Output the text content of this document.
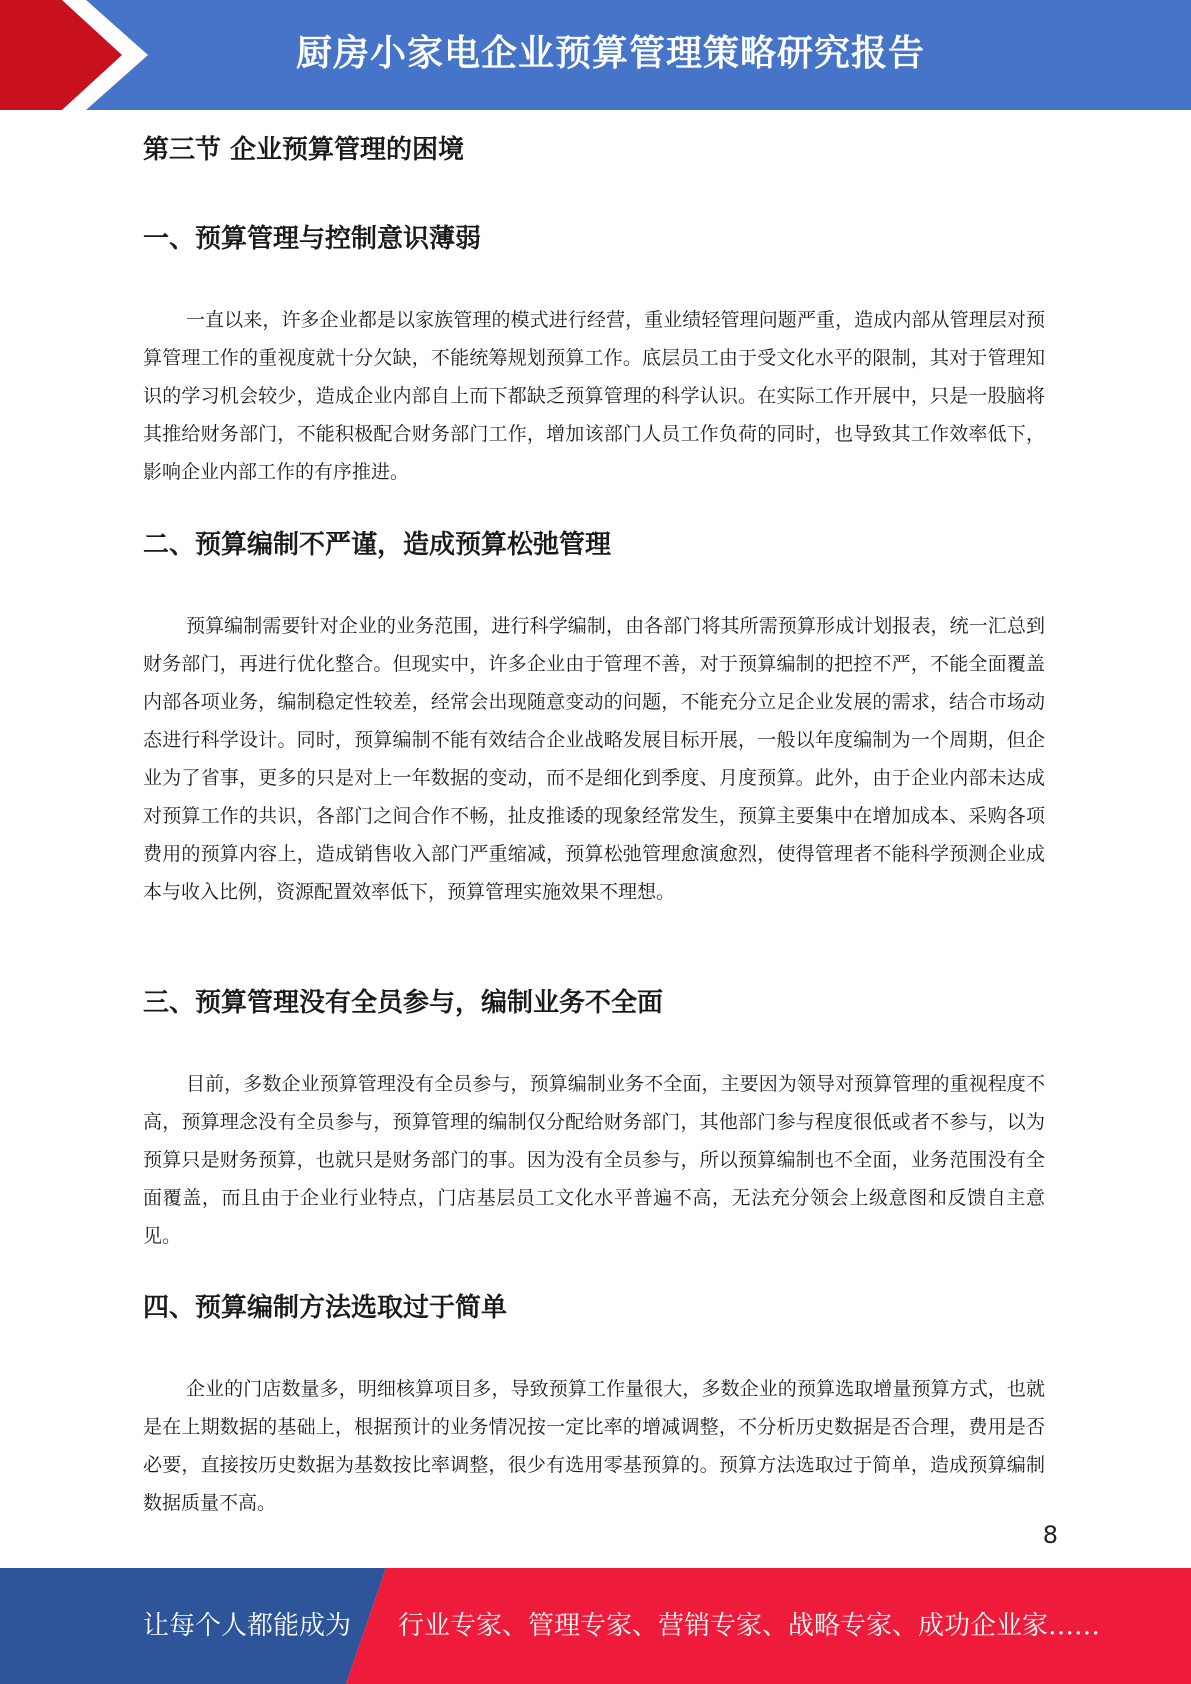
厨房小家电企业预算管理策略研究报告
第三节 企业预算管理的困境
一、预算管理与控制意识薄弱
一直以来，许多企业都是以家族管理的模式进行经营，重业绩轻管理问题严重，造成内部从管理层对预算管理工作的重视度就十分欠缺，不能统筹规划预算工作。底层员工由于受文化水平的限制，其对于管理知识的学习机会较少，造成企业内部自上而下都缺乏预算管理的科学认识。在实际工作开展中，只是一股脑将其推给财务部门，不能积极配合财务部门工作，增加该部门人员工作负荷的同时，也导致其工作效率低下，影响企业内部工作的有序推进。
二、预算编制不严谨，造成预算松弛管理
预算编制需要针对企业的业务范围，进行科学编制，由各部门将其所需预算形成计划报表，统一汇总到财务部门，再进行优化整合。但现实中，许多企业由于管理不善，对于预算编制的把控不严，不能全面覆盖内部各项业务，编制稳定性较差，经常会出现随意变动的问题，不能充分立足企业发展的需求，结合市场动态进行科学设计。同时，预算编制不能有效结合企业战略发展目标开展，一般以年度编制为一个周期，但企业为了省事，更多的只是对上一年数据的变动，而不是细化到季度、月度预算。此外，由于企业内部未达成对预算工作的共识，各部门之间合作不畅，扯皮推诿的现象经常发生，预算主要集中在增加成本、采购各项费用的预算内容上，造成销售收入部门严重缩减，预算松弛管理愈演愈烈，使得管理者不能科学预测企业成本与收入比例，资源配置效率低下，预算管理实施效果不理想。
三、预算管理没有全员参与，编制业务不全面
目前，多数企业预算管理没有全员参与，预算编制业务不全面，主要因为领导对预算管理的重视程度不高，预算理念没有全员参与，预算管理的编制仅分配给财务部门，其他部门参与程度很低或者不参与，以为预算只是财务预算，也就只是财务部门的事。因为没有全员参与，所以预算编制也不全面，业务范围没有全面覆盖，而且由于企业行业特点，门店基层员工文化水平普遍不高，无法充分领会上级意图和反馈自主意见。
四、预算编制方法选取过于简单
企业的门店数量多，明细核算项目多，导致预算工作量很大，多数企业的预算选取增量预算方式，也就是在上期数据的基础上，根据预计的业务情况按一定比率的增减调整，不分析历史数据是否合理，费用是否必要，直接按历史数据为基数按比率调整，很少有选用零基预算的。预算方法选取过于简单，造成预算编制数据质量不高。
8
让每个人都能成为 行业专家、管理专家、营销专家、战略专家、成功企业家……
